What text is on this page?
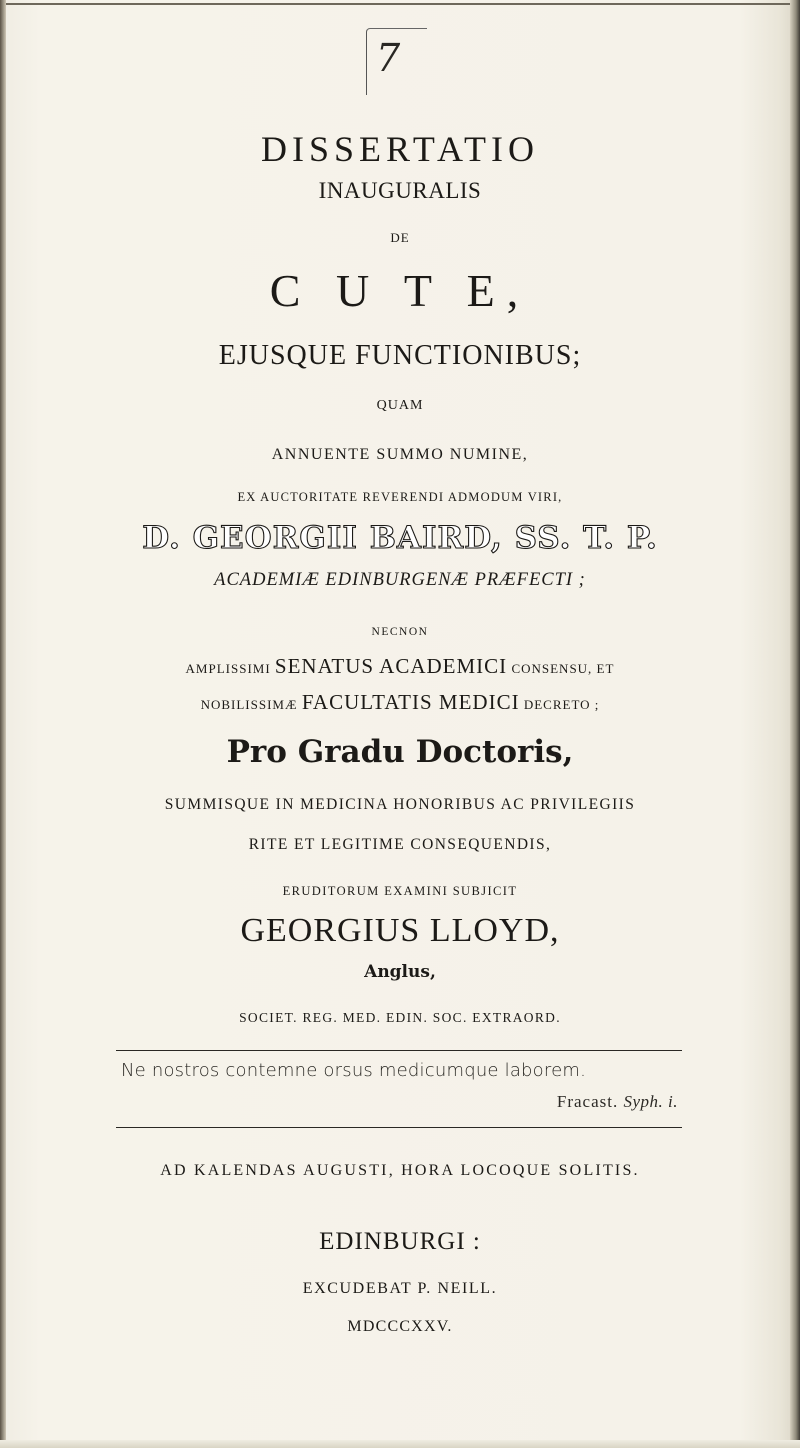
7
DISSERTATIO
INAUGURALIS
DE
C U T E,
EJUSQUE FUNCTIONIBUS;
QUAM
ANNUENTE SUMMO NUMINE,
EX AUCTORITATE REVERENDI ADMODUM VIRI,
D. GEORGII BAIRD, SS. T. P.
ACADEMIÆ EDINBURGENÆ PRÆFECTI ;
NECNON
AMPLISSIMI SENATUS ACADEMICI CONSENSU, ET
NOBILISSIMÆ FACULTATIS MEDICI DECRETO ;
Pro Gradu Doctoris,
SUMMISQUE IN MEDICINA HONORIBUS AC PRIVILEGIIS
RITE ET LEGITIME CONSEQUENDIS,
ERUDITORUM EXAMINI SUBJICIT
GEORGIUS LLOYD,
Anglus,
SOCIET. REG. MED. EDIN. SOC. EXTRAORD.
Ne nostros contemne orsus medicumque laborem.
Fracast. Syph. i.
AD KALENDAS AUGUSTI, HORA LOCOQUE SOLITIS.
EDINBURGI :
EXCUDEBAT P. NEILL.
MDCCCXXV.
